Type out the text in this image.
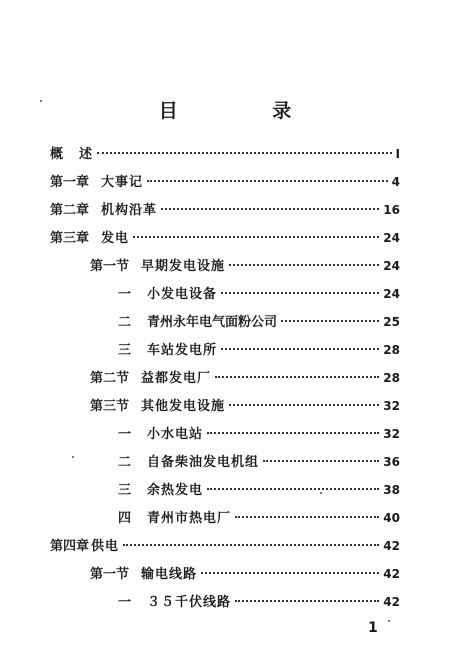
目 录
概 述	I
第一章 大事记	4
第二章 机构沿革	16
第三章 发电	24
第一节 早期发电设施	24
一 小发电设备	24
二 青州永年电气面粉公司	25
三 车站发电所	28
第二节 益都发电厂	28
第三节 其他发电设施	32
一 小水电站	32
二 自备柴油发电机组	36
三 余热发电	38
四 青州市热电厂	40
第四章 供电	42
第一节 输电线路	42
一 ３５千伏线路	42
1
